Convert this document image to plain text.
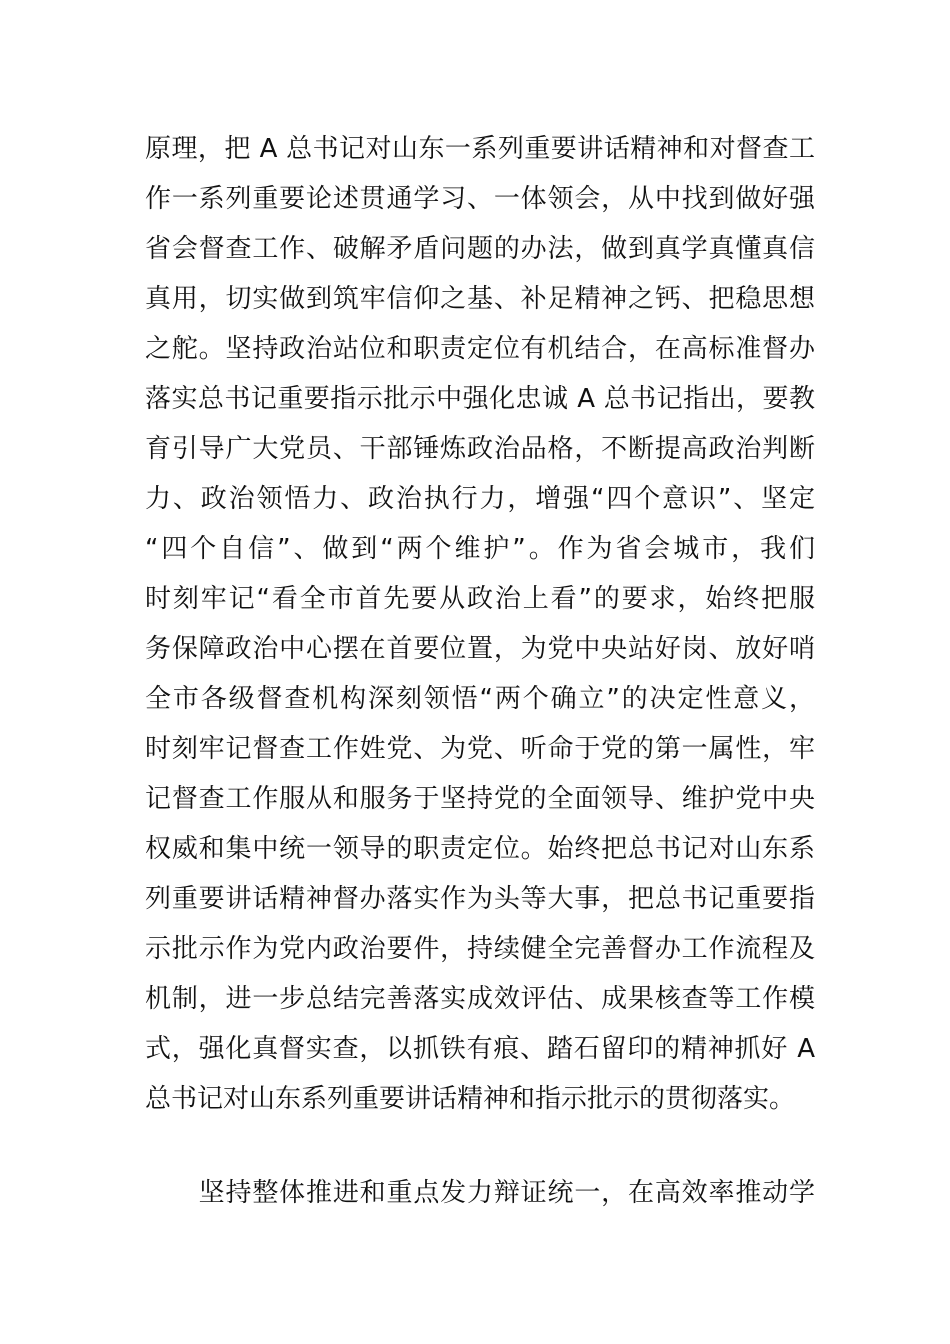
原理，把 A 总书记对山东一系列重要讲话精神和对督查工
作一系列重要论述贯通学习、一体领会，从中找到做好强
省会督查工作、破解矛盾问题的办法，做到真学真懂真信
真用，切实做到筑牢信仰之基、补足精神之钙、把稳思想
之舵。坚持政治站位和职责定位有机结合，在高标准督办
落实总书记重要指示批示中强化忠诚 A 总书记指出，要教
育引导广大党员、干部锤炼政治品格，不断提高政治判断
力、政治领悟力、政治执行力，增强“四个意识”、坚定
“四个自信”、做到“两个维护”。作为省会城市，我们
时刻牢记“看全市首先要从政治上看”的要求，始终把服
务保障政治中心摆在首要位置，为党中央站好岗、放好哨
全市各级督查机构深刻领悟“两个确立”的决定性意义，
时刻牢记督查工作姓党、为党、听命于党的第一属性，牢
记督查工作服从和服务于坚持党的全面领导、维护党中央
权威和集中统一领导的职责定位。始终把总书记对山东系
列重要讲话精神督办落实作为头等大事，把总书记重要指
示批示作为党内政治要件，持续健全完善督办工作流程及
机制，进一步总结完善落实成效评估、成果核查等工作模
式，强化真督实查，以抓铁有痕、踏石留印的精神抓好 A
总书记对山东系列重要讲话精神和指示批示的贯彻落实。
　　坚持整体推进和重点发力辩证统一，在高效率推动学
